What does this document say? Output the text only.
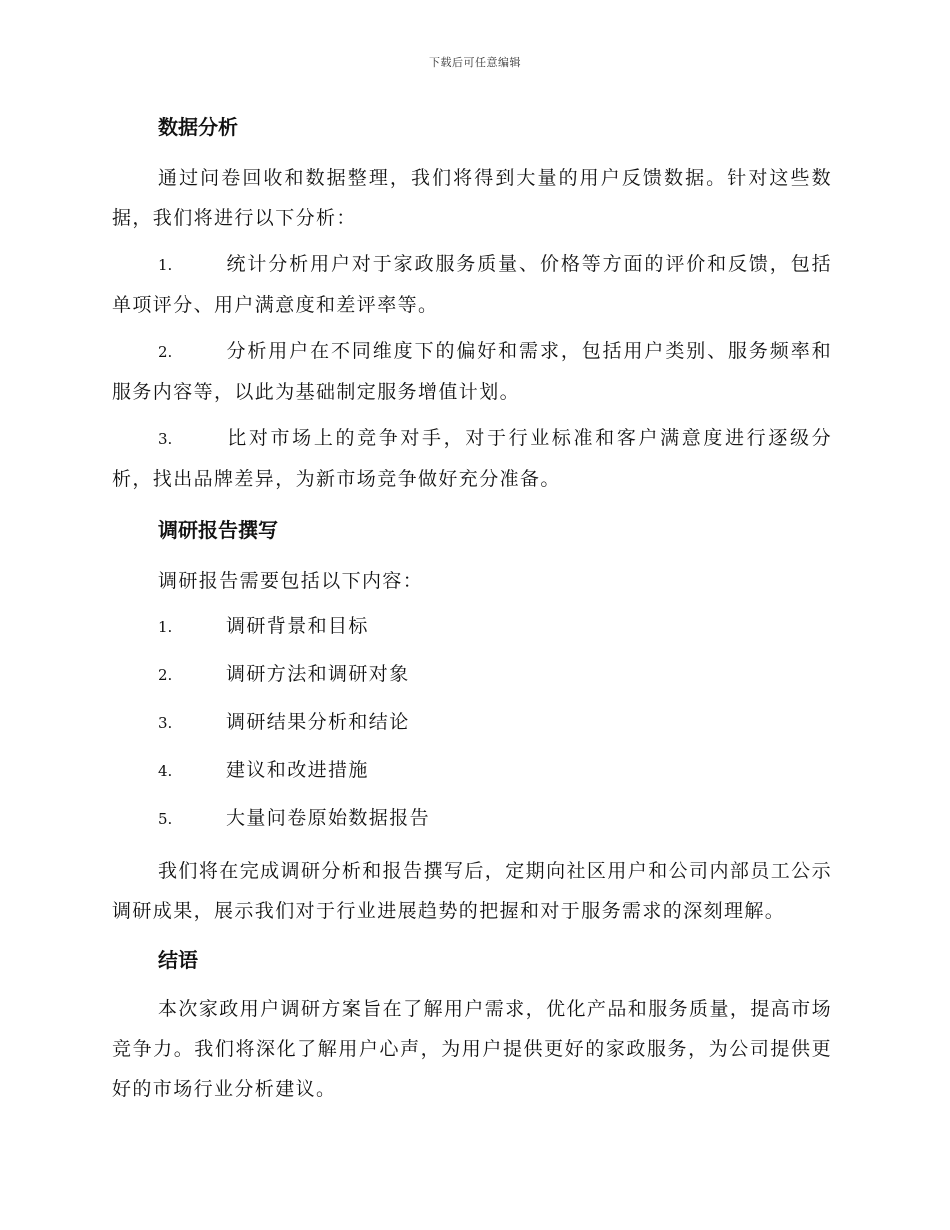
下载后可任意编辑
数据分析

通过问卷回收和数据整理，我们将得到大量的用户反馈数据。针对这些数据，我们将进行以下分析：

1.	统计分析用户对于家政服务质量、价格等方面的评价和反馈，包括单项评分、用户满意度和差评率等。

2.	分析用户在不同维度下的偏好和需求，包括用户类别、服务频率和服务内容等，以此为基础制定服务增值计划。

3.	比对市场上的竞争对手，对于行业标准和客户满意度进行逐级分析，找出品牌差异，为新市场竞争做好充分准备。

调研报告撰写

调研报告需要包括以下内容：

1.	调研背景和目标

2.	调研方法和调研对象

3.	调研结果分析和结论

4.	建议和改进措施

5.	大量问卷原始数据报告

我们将在完成调研分析和报告撰写后，定期向社区用户和公司内部员工公示调研成果，展示我们对于行业进展趋势的把握和对于服务需求的深刻理解。

结语

本次家政用户调研方案旨在了解用户需求，优化产品和服务质量，提高市场竞争力。我们将深化了解用户心声，为用户提供更好的家政服务，为公司提供更好的市场行业分析建议。
